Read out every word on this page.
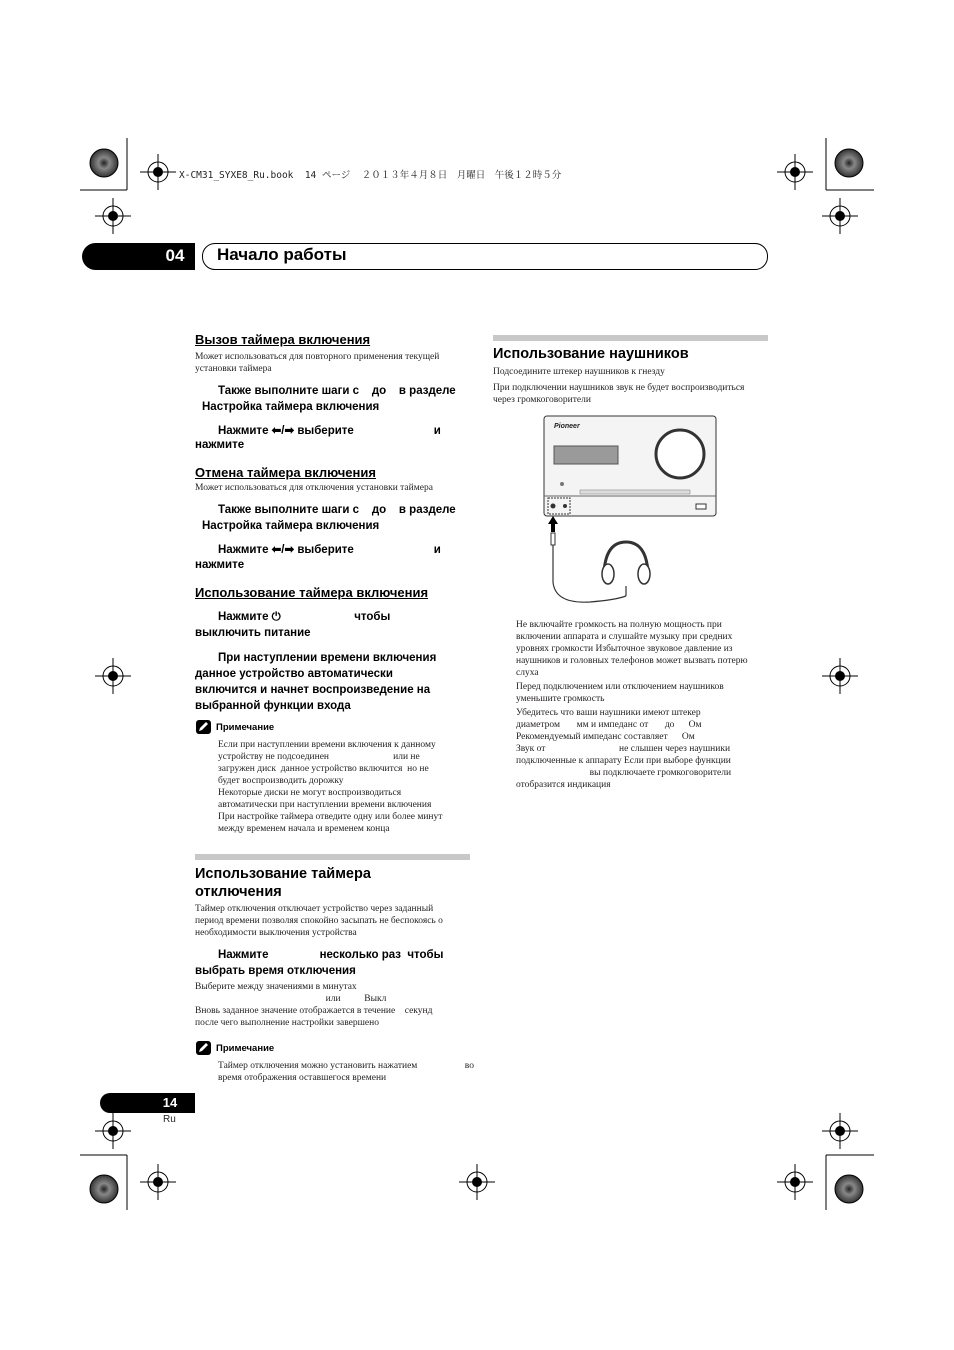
X-CM31_SYXE8_Ru.book  14 ページ  ２０１３年４月８日　月曜日　午後１２時５分
04	Начало работы
Вызов таймера включения
Может использоваться для повторного применения текущей установки таймера
Также выполните шаги с    до    в разделе
Настройка таймера включения
Нажмите ⬅/➡ выберите                         и
нажмите
Отмена таймера включения
Может использоваться для отключения установки таймера
Также выполните шаги с    до    в разделе
Настройка таймера включения
Нажмите ⬅/➡ выберите                         и
нажмите
Использование таймера включения
Нажмите ⏻                       чтобы
выключить питание
При наступлении времени включения
данное устройство автоматически
включится и начнет воспроизведение на
выбранной функции входа
Примечание
Если при наступлении времени включения к данному
устройству не подсоединен                           или не
загружен диск  данное устройство включится  но не
будет воспроизводить дорожку
Некоторые диски не могут воспроизводиться
автоматически при наступлении времени включения
При настройке таймера отведите одну или более минут
между временем начала и временем конца
Использование таймера
отключения
Таймер отключения отключает устройство через заданный
период времени позволяя спокойно засыпать не беспокоясь о
необходимости выключения устройства
Нажмите                несколько раз  чтобы
выбрать время отключения
Выберите между значениями в минутах
или          Выкл
Вновь заданное значение отображается в течение    секунд
после чего выполнение настройки завершено
Примечание
Таймер отключения можно установить нажатием                    во
время отображения оставшегося времени
Использование наушников
Подсоедините штекер наушников к гнезду
При подключении наушников звук не будет воспроизводиться
через громкоговорители
Pioneer
Не включайте громкость на полную мощность при
включении аппарата и слушайте музыку при средних
уровнях громкости Избыточное звуковое давление из
наушников и головных телефонов может вызвать потерю
слуха
Перед подключением или отключением наушников
уменьшите громкость
Убедитесь что ваши наушники имеют штекер
диаметром       мм и импеданс от       до      Ом
Рекомендуемый импеданс составляет      Ом
Звук от                               не слышен через наушники
подключенные к аппарату Если при выборе функции
вы подключаете громкоговорители
отобразится индикация
14
Ru
